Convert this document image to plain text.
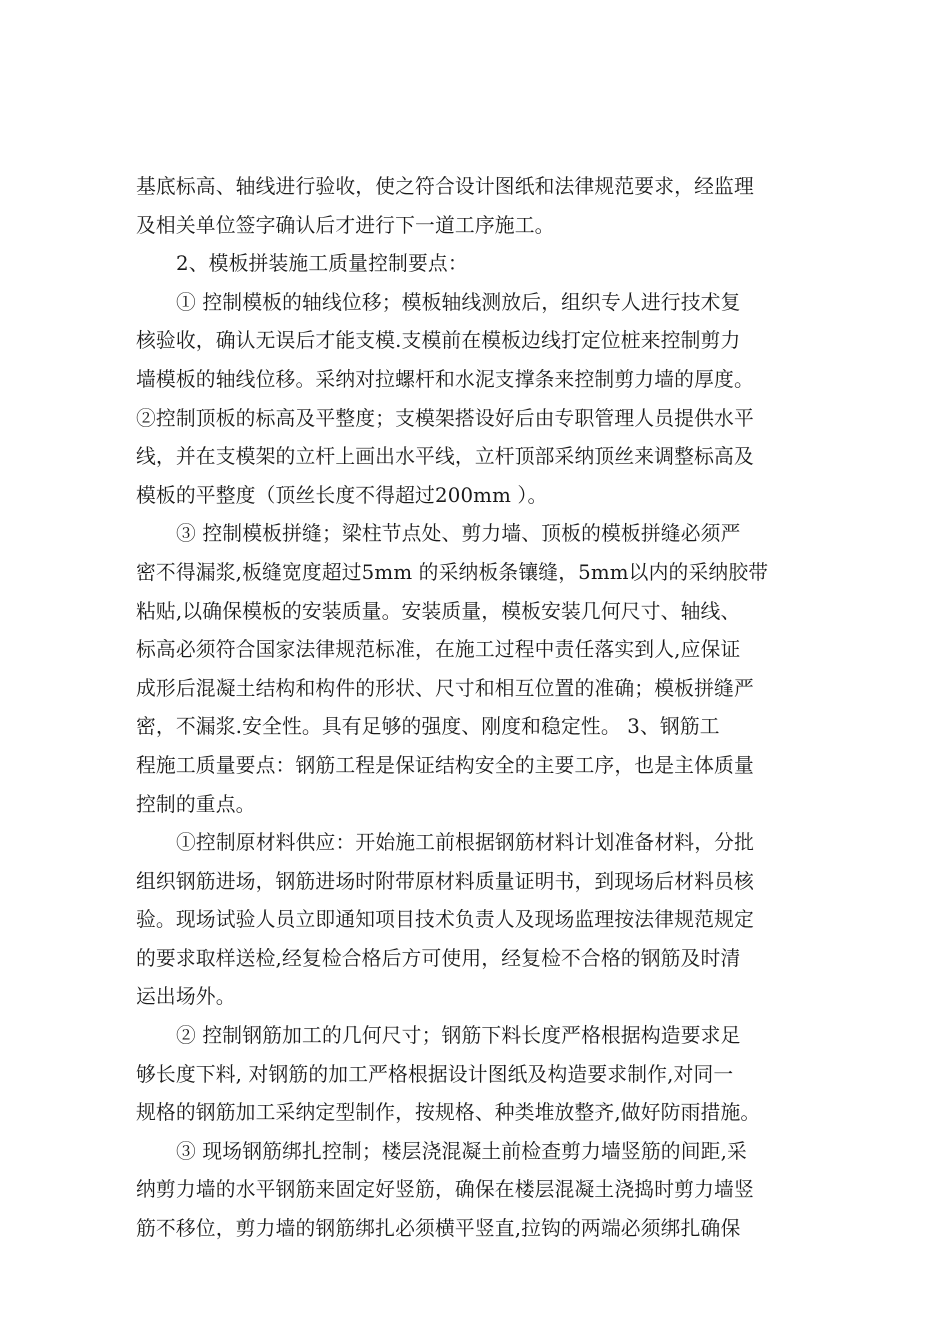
基底标高、轴线进行验收，使之符合设计图纸和法律规范要求，经监理
及相关单位签字确认后才进行下一道工序施工。
2、模板拼装施工质量控制要点：
① 控制模板的轴线位移；模板轴线测放后，组织专人进行技术复
核验收，确认无误后才能支模.支模前在模板边线打定位桩来控制剪力
墙模板的轴线位移。采纳对拉螺杆和水泥支撑条来控制剪力墙的厚度。
②控制顶板的标高及平整度；支模架搭设好后由专职管理人员提供水平
线，并在支模架的立杆上画出水平线，立杆顶部采纳顶丝来调整标高及
模板的平整度（顶丝长度不得超过200mm ）。
③ 控制模板拼缝；梁柱节点处、剪力墙、顶板的模板拼缝必须严
密不得漏浆,板缝宽度超过5mm 的采纳板条镶缝，5mm以内的采纳胶带
粘贴,以确保模板的安装质量。安装质量，模板安装几何尺寸、轴线、
标高必须符合国家法律规范标准，在施工过程中责任落实到人,应保证
成形后混凝土结构和构件的形状、尺寸和相互位置的准确；模板拼缝严
密，不漏浆.安全性。具有足够的强度、刚度和稳定性。 3、钢筋工
程施工质量要点：钢筋工程是保证结构安全的主要工序，也是主体质量
控制的重点。
①控制原材料供应：开始施工前根据钢筋材料计划准备材料，分批
组织钢筋进场，钢筋进场时附带原材料质量证明书，到现场后材料员核
验。现场试验人员立即通知项目技术负责人及现场监理按法律规范规定
的要求取样送检,经复检合格后方可使用，经复检不合格的钢筋及时清
运出场外。
② 控制钢筋加工的几何尺寸；钢筋下料长度严格根据构造要求足
够长度下料, 对钢筋的加工严格根据设计图纸及构造要求制作,对同一
规格的钢筋加工采纳定型制作，按规格、种类堆放整齐,做好防雨措施。
③ 现场钢筋绑扎控制；楼层浇混凝土前检查剪力墙竖筋的间距,采
纳剪力墙的水平钢筋来固定好竖筋，确保在楼层混凝土浇捣时剪力墙竖
筋不移位，剪力墙的钢筋绑扎必须横平竖直,拉钩的两端必须绑扎确保
